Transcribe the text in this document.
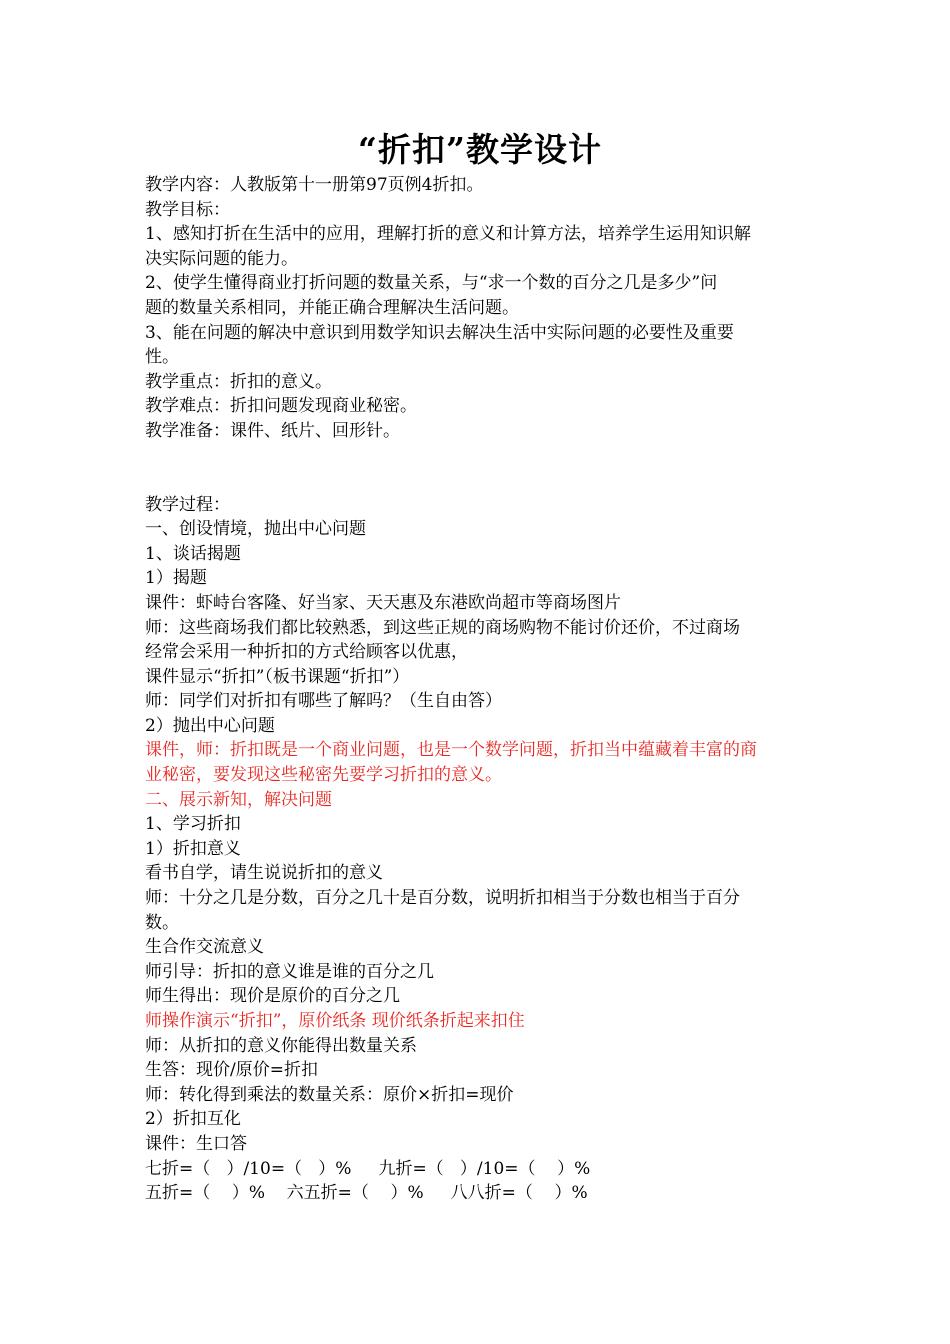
“折扣”教学设计
教学内容：人教版第十一册第97页例4折扣。
教学目标：
1、感知打折在生活中的应用，理解打折的意义和计算方法，培养学生运用知识解
决实际问题的能力。
2、使学生懂得商业打折问题的数量关系，与“求一个数的百分之几是多少”问
题的数量关系相同，并能正确合理解决生活问题。
3、能在问题的解决中意识到用数学知识去解决生活中实际问题的必要性及重要
性。
教学重点：折扣的意义。
教学难点：折扣问题发现商业秘密。
教学准备：课件、纸片、回形针。
教学过程：
一、创设情境，抛出中心问题
1、谈话揭题
1）揭题
课件：虾峙台客隆、好当家、天天惠及东港欧尚超市等商场图片
师：这些商场我们都比较熟悉，到这些正规的商场购物不能讨价还价，不过商场
经常会采用一种折扣的方式给顾客以优惠，
课件显示“折扣”（板书课题“折扣”）
师：同学们对折扣有哪些了解吗？（生自由答）
2）抛出中心问题
课件，师：折扣既是一个商业问题，也是一个数学问题，折扣当中蕴藏着丰富的商
业秘密，要发现这些秘密先要学习折扣的意义。
二、展示新知，解决问题
1、学习折扣
1）折扣意义
看书自学，请生说说折扣的意义
师：十分之几是分数，百分之几十是百分数，说明折扣相当于分数也相当于百分
数。
生合作交流意义
师引导：折扣的意义谁是谁的百分之几
师生得出：现价是原价的百分之几
师操作演示“折扣”，原价纸条 现价纸条折起来扣住
师：从折扣的意义你能得出数量关系
生答：现价/原价=折扣
师：转化得到乘法的数量关系：原价×折扣=现价
2）折扣互化
课件：生口答
七折=（   ）/10=（   ）%     九折=（   ）/10=（    ）%
五折=（    ）%    六五折=（    ）%     八八折=（    ）%
